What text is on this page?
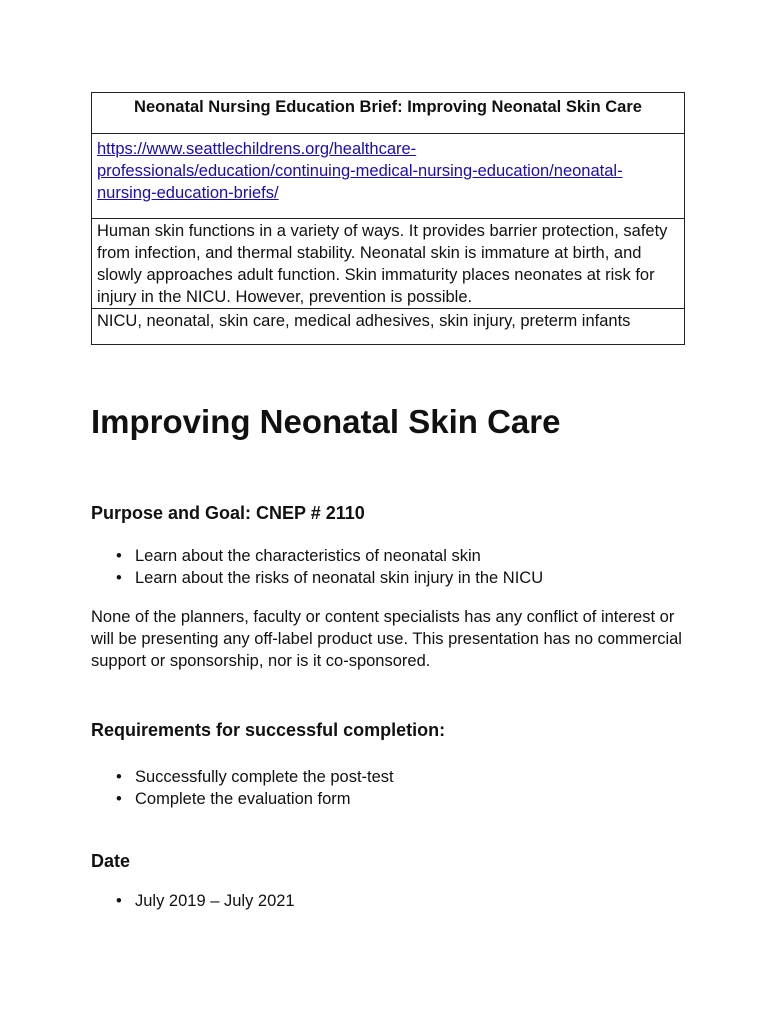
Neonatal Nursing Education Brief: Improving Neonatal Skin Care
https://www.seattlechildrens.org/healthcare-
professionals/education/continuing-medical-nursing-education/neonatal-
nursing-education-briefs/
Human skin functions in a variety of ways. It provides barrier protection, safety from infection, and thermal stability. Neonatal skin is immature at birth, and slowly approaches adult function. Skin immaturity places neonates at risk for injury in the NICU. However, prevention is possible.
NICU, neonatal, skin care, medical adhesives, skin injury, preterm infants
Improving Neonatal Skin Care
Purpose and Goal: CNEP # 2110
• Learn about the characteristics of neonatal skin
• Learn about the risks of neonatal skin injury in the NICU

None of the planners, faculty or content specialists has any conflict of interest or will be presenting any off-label product use. This presentation has no commercial support or sponsorship, nor is it co-sponsored.

Requirements for successful completion:
• Successfully complete the post-test
• Complete the evaluation form
Date
• July 2019 – July 2021
